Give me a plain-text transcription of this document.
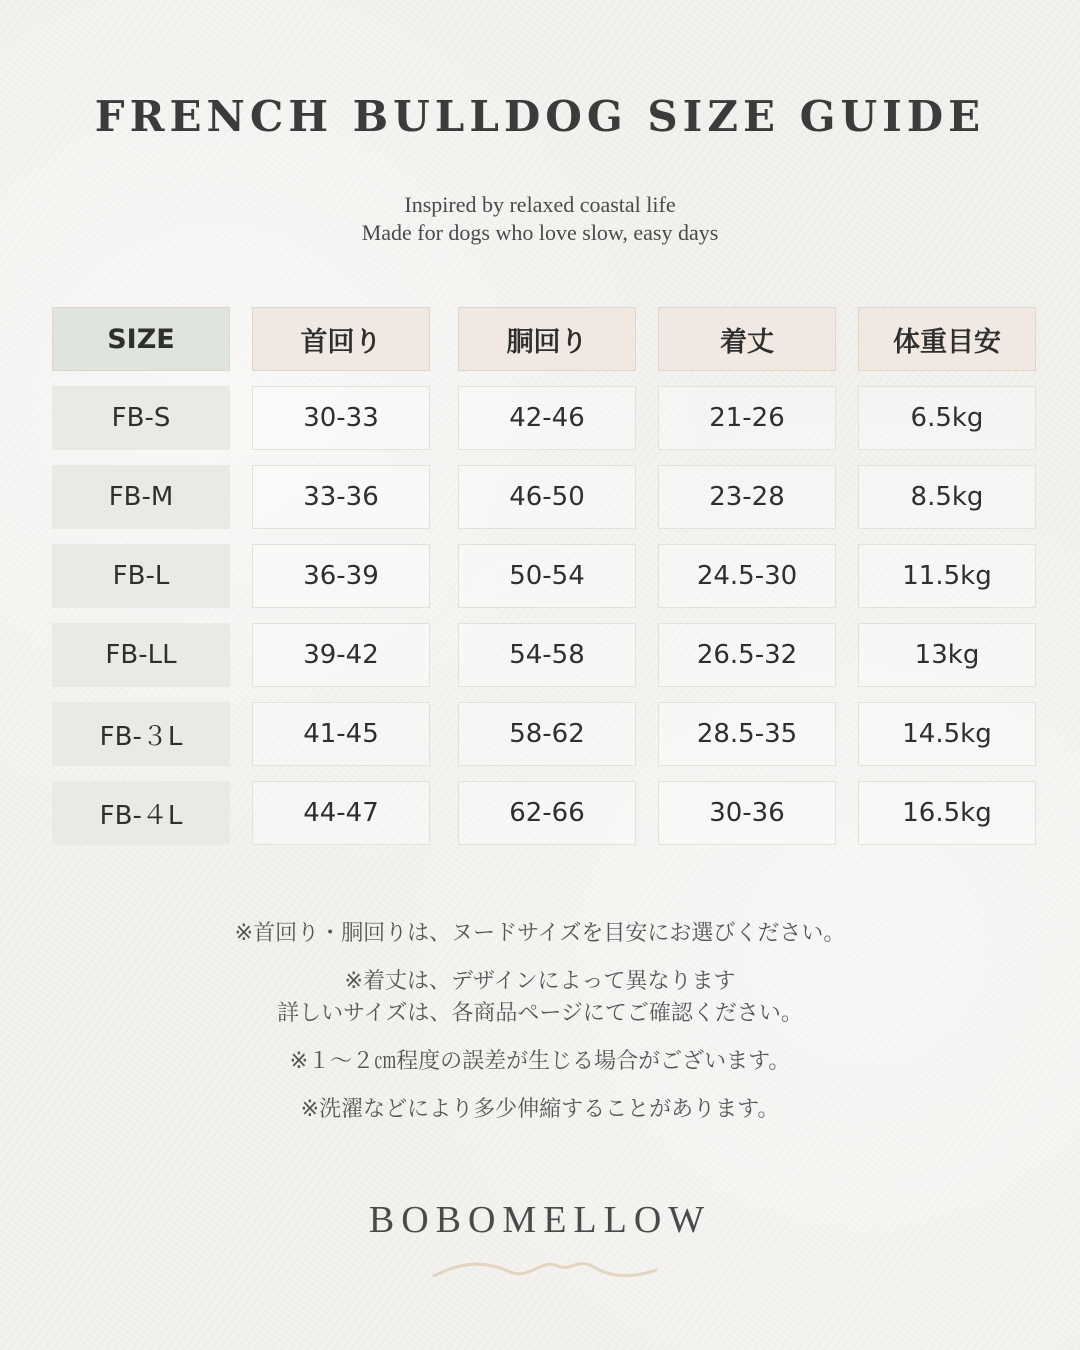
FRENCH BULLDOG SIZE GUIDE
Inspired by relaxed coastal life
Made for dogs who love slow, easy days
SIZE	首回り	胴回り	着丈	体重目安
FB-S	30-33	42-46	21-26	6.5kg
FB-M	33-36	46-50	23-28	8.5kg
FB-L	36-39	50-54	24.5-30	11.5kg
FB-LL	39-42	54-58	26.5-32	13kg
FB-３L	41-45	58-62	28.5-35	14.5kg
FB-４L	44-47	62-66	30-36	16.5kg
※首回り・胴回りは、ヌードサイズを目安にお選びください。
※着丈は、デザインによって異なります
詳しいサイズは、各商品ページにてご確認ください。
※１～２㎝程度の誤差が生じる場合がございます。
※洗濯などにより多少伸縮することがあります。
BOBOMELLOW
